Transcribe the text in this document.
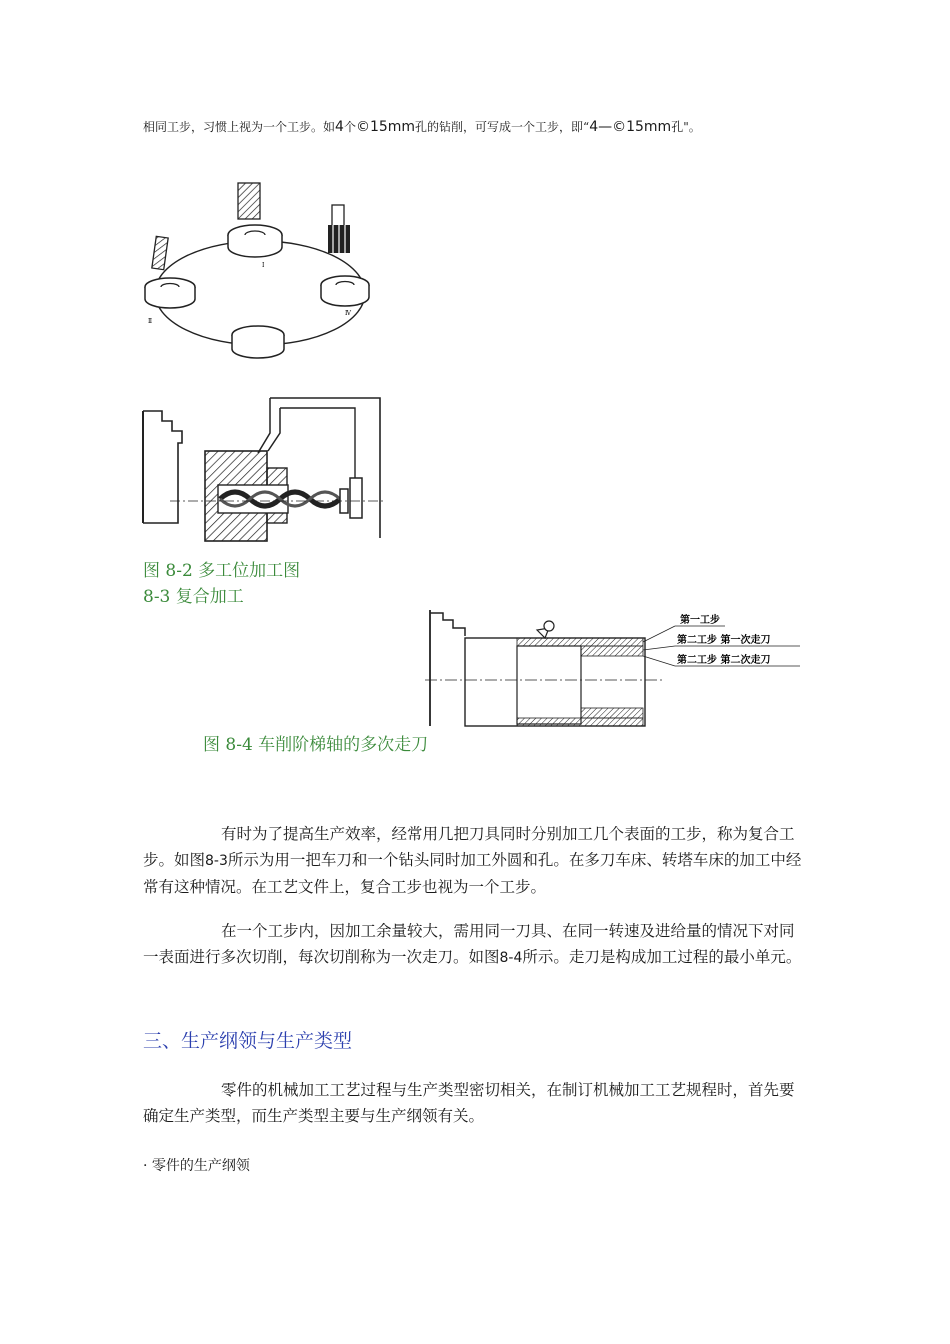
相同工步，习惯上视为一个工步。如4个©15mm孔的钻削，可写成一个工步，即“4—©15mm孔"。
Ⅰ
Ⅳ
Ⅱ
图 8-2 多工位加工图
8-3 复合加工
第一工步
第二工步 第一次走刀
第二工步 第二次走刀
图 8-4 车削阶梯轴的多次走刀
有时为了提高生产效率，经常用几把刀具同时分别加工几个表面的工步，称为复合工步。如图8-3所示为用一把车刀和一个钻头同时加工外圆和孔。在多刀车床、转塔车床的加工中经常有这种情况。在工艺文件上，复合工步也视为一个工步。
在一个工步内，因加工余量较大，需用同一刀具、在同一转速及进给量的情况下对同一表面进行多次切削，每次切削称为一次走刀。如图8-4所示。走刀是构成加工过程的最小单元。
三、生产纲领与生产类型
零件的机械加工工艺过程与生产类型密切相关，在制订机械加工工艺规程时，首先要确定生产类型，而生产类型主要与生产纲领有关。
· 零件的生产纲领
